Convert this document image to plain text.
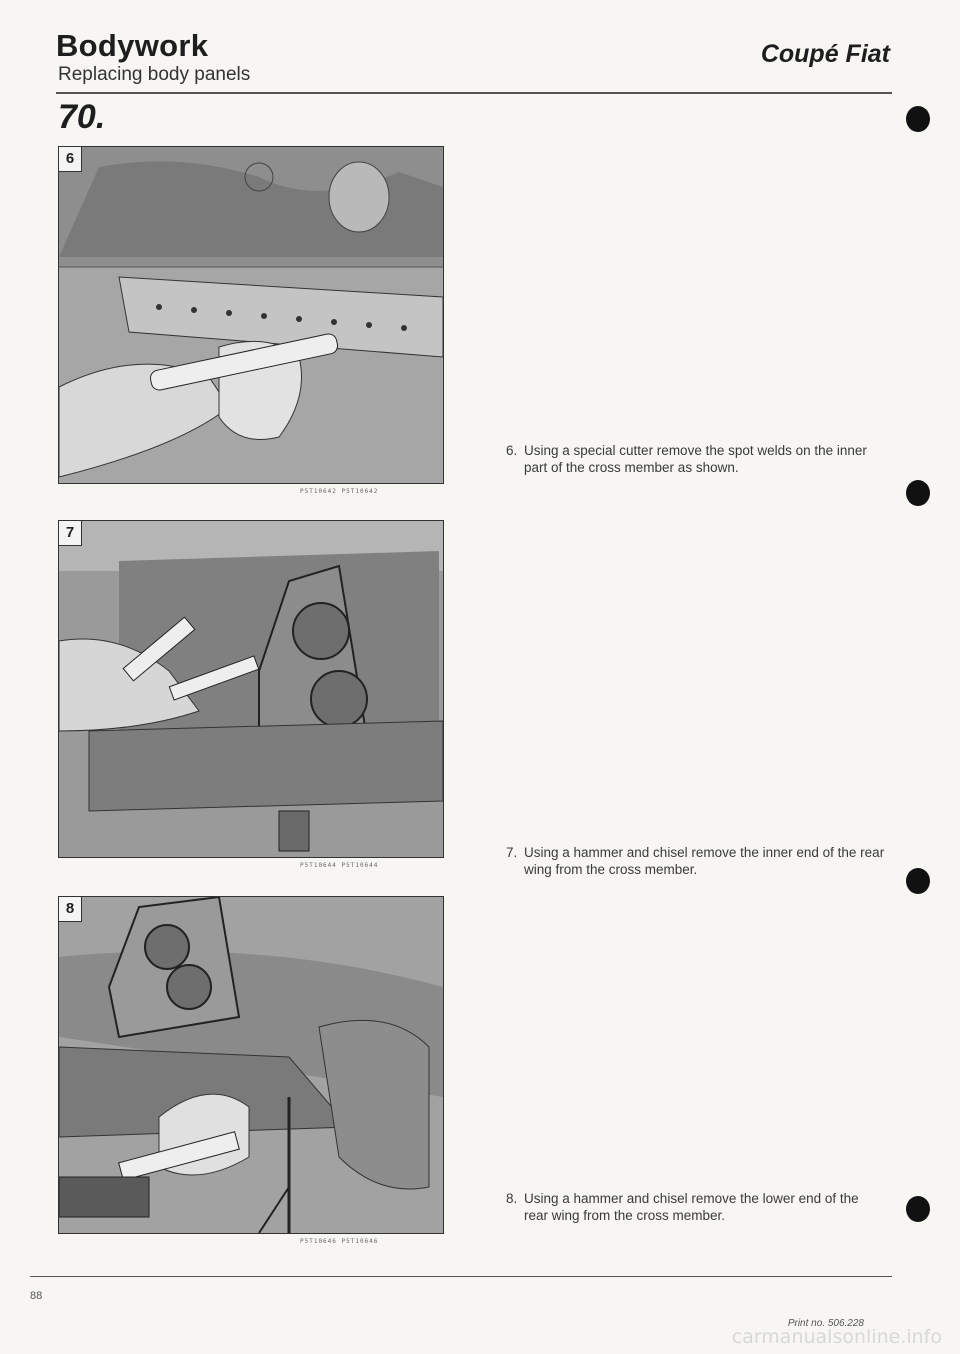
Bodywork
Replacing body panels
Coupé Fiat
70.
6
P5T10642 P5T10642
7
P5T10644 P5T10644
8
P5T10646 P5T10646
6. Using a special cutter remove the spot welds on the inner part of the cross member as shown.
7. Using a hammer and chisel remove the inner end of the rear wing from the cross member.
8. Using a hammer and chisel remove the lower end of the rear wing from the cross member.
88
Print no. 506.228
carmanualsonline.info
